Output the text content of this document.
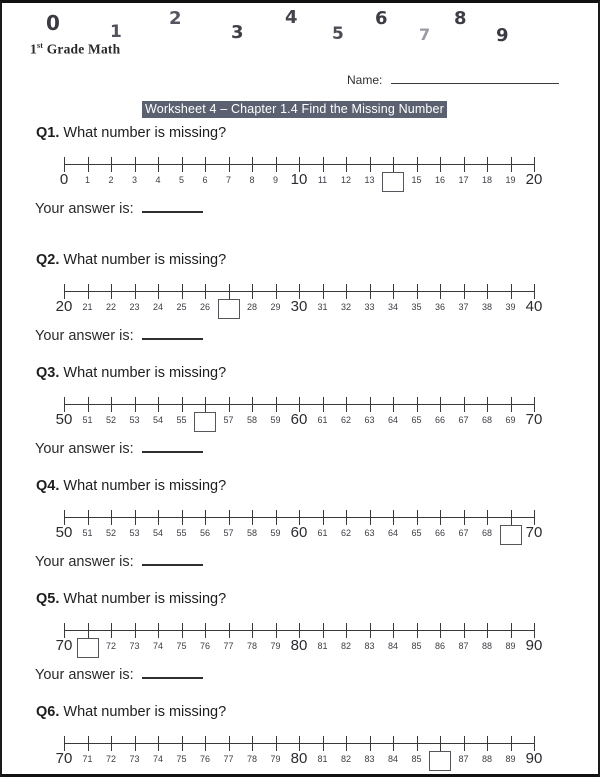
0	1
2
3
4
5
6
7
8
9
1st Grade Math
Name:
Worksheet 4 – Chapter 1.4 Find the Missing Number
Q1. What number is missing?
0 1 2 3 4 5 6 7 8 9 10 11 12 13	15 16 17 18 19 20
Your answer is:
Q2. What number is missing?
20 21 22 23 24 25 26	28 29 30 31 32 33 34 35 36 37 38 39 40
Your answer is:
Q3. What number is missing?
50 51 52 53 54 55	57 58 59 60 61 62 63 64 65 66 67 68 69 70
Your answer is:
Q4. What number is missing?
50 51 52 53 54 55 56 57 58 59 60 61 62 63 64 65 66 67 68 70
Your answer is:
Q5. What number is missing?
70	72 73 74 75 76 77 78 79 80 81 82 83 84 85 86 87 88 89 90
Your answer is:
Q6. What number is missing?
70 71 72 73 74 75 76 77 78 79 80 81 82 83 84 85	87 88 89 90
